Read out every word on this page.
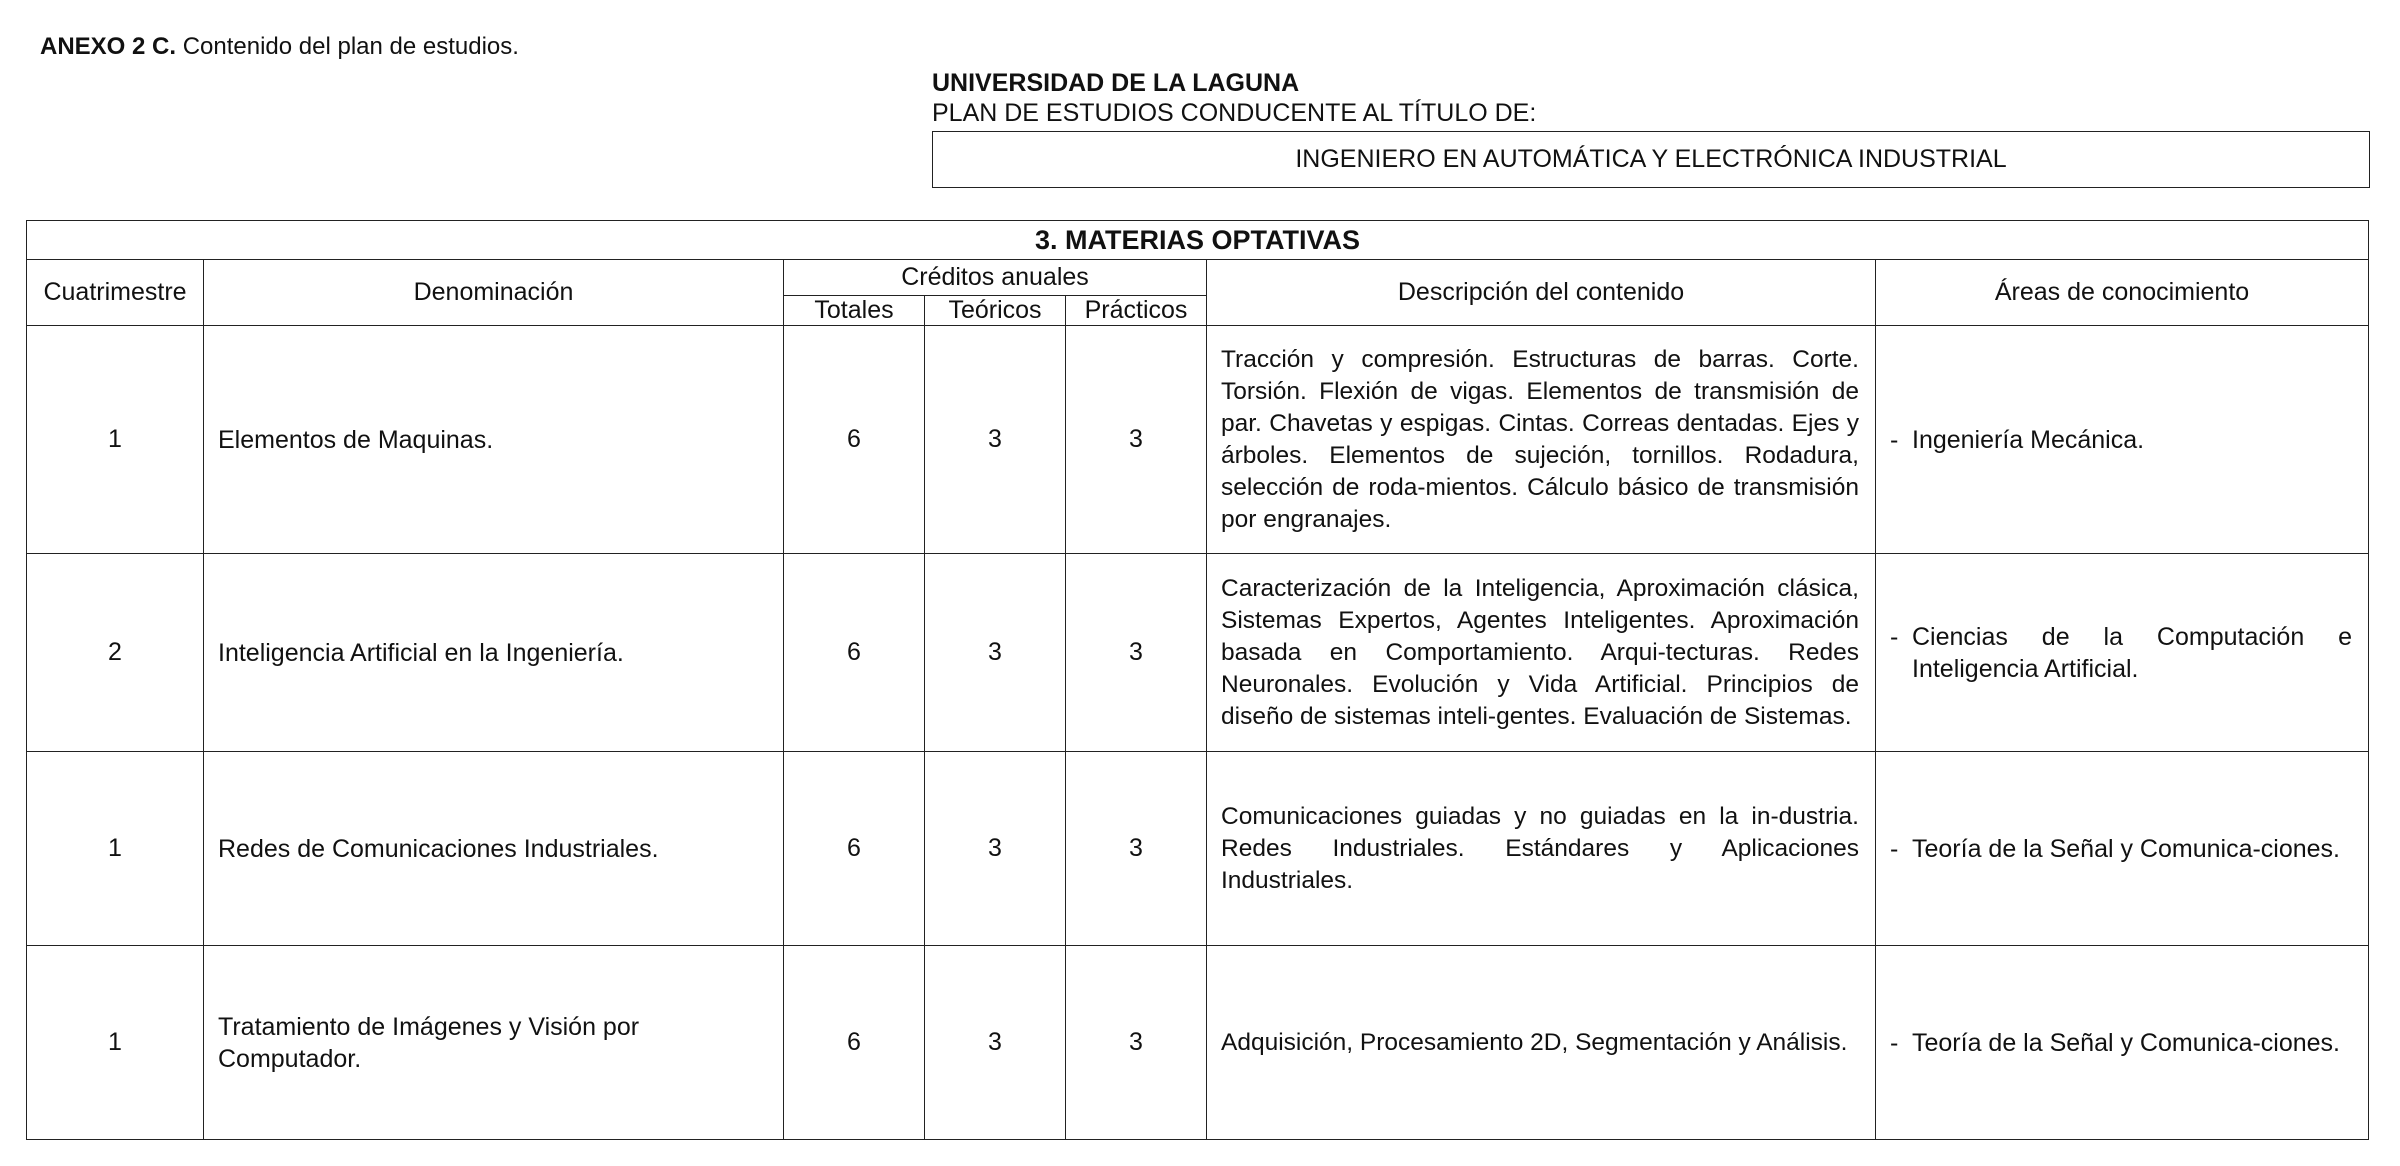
ANEXO 2 C. Contenido del plan de estudios.
UNIVERSIDAD DE LA LAGUNA
PLAN DE ESTUDIOS CONDUCENTE AL TÍTULO DE:
INGENIERO EN AUTOMÁTICA Y ELECTRÓNICA INDUSTRIAL
3. MATERIAS OPTATIVAS						
Cuatrimestre	Denominación	Créditos anuales			Descripción del contenido	Áreas de conocimiento
		Totales	Teóricos	Prácticos		
1	Elementos de Maquinas.	6	3	3	Tracción y compresión. Estructuras de barras. Corte. Torsión. Flexión de vigas. Elementos de transmisión de par. Chavetas y espigas. Cintas. Correas dentadas. Ejes y árboles. Elementos de sujeción, tornillos. Rodadura, selección de roda-mientos. Cálculo básico de transmisión por engranajes.	- Ingeniería Mecánica.

2	Inteligencia Artificial en la Ingeniería.	6	3	3	Caracterización de la Inteligencia, Aproximación clásica, Sistemas Expertos, Agentes Inteligentes. Aproximación basada en Comportamiento. Arqui-tecturas. Redes Neuronales. Evolución y Vida Artificial. Principios de diseño de sistemas inteli-gentes. Evaluación de Sistemas.	- Ciencias de la Computación e Inteligencia Artificial.

1	Redes de Comunicaciones Industriales.	6	3	3	Comunicaciones guiadas y no guiadas en la in-dustria. Redes Industriales. Estándares y Aplicaciones Industriales.	- Teoría de la Señal y Comunica-ciones.

1	Tratamiento de Imágenes y Visión por Computador.	6	3	3	Adquisición, Procesamiento 2D, Segmentación y Análisis.	- Teoría de la Señal y Comunica-ciones.
